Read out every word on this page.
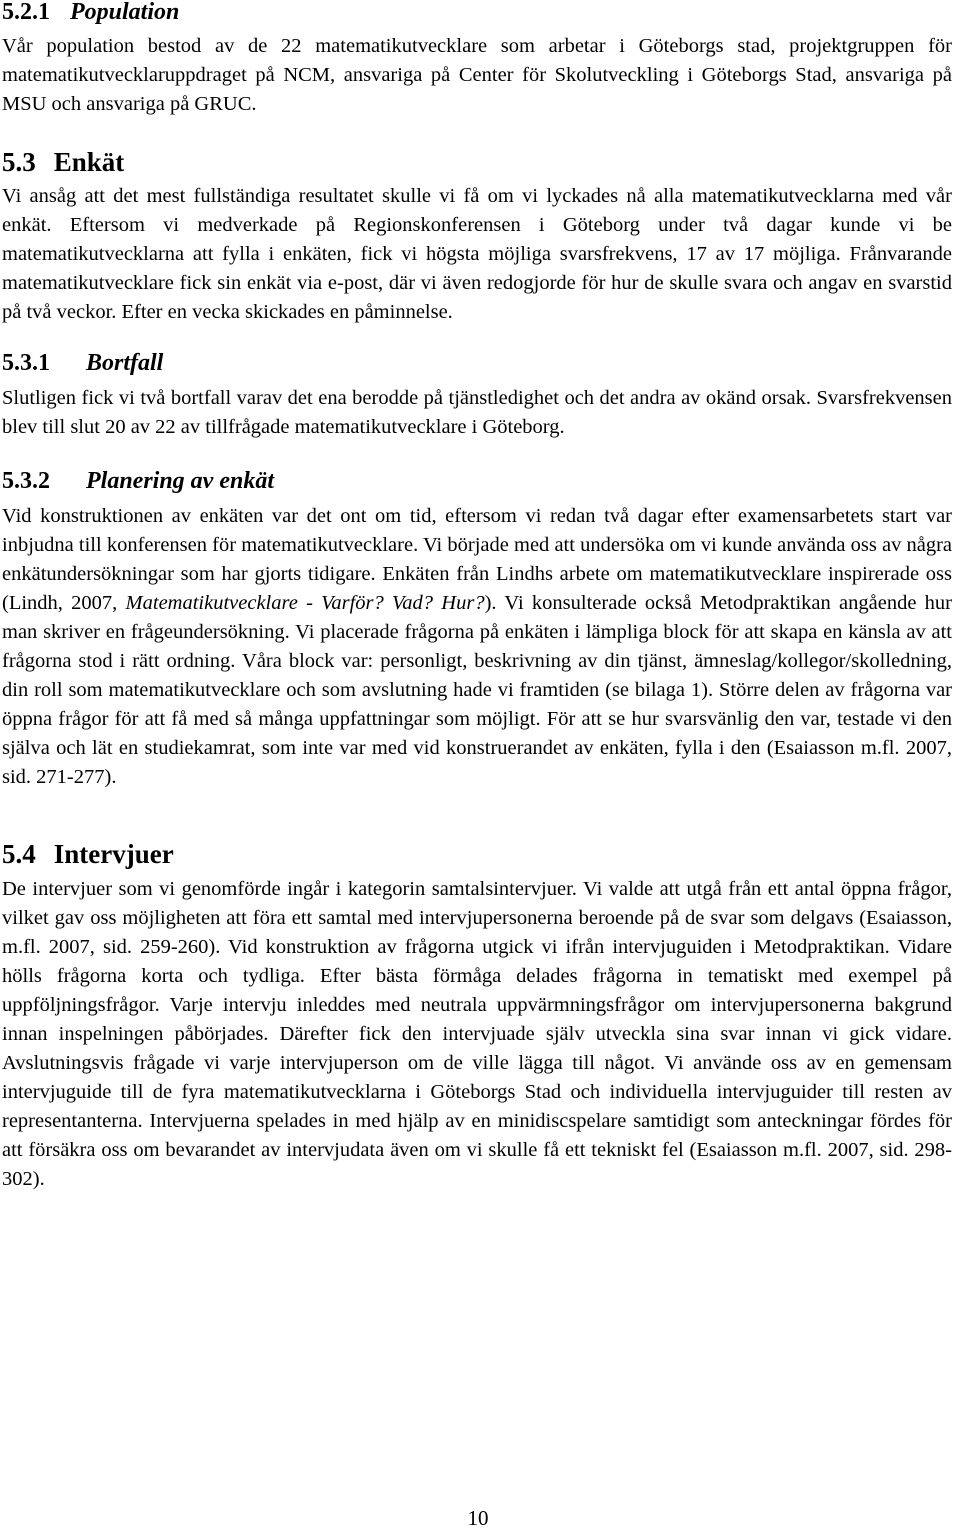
5.2.1 Population

Vår population bestod av de 22 matematikutvecklare som arbetar i Göteborgs stad, projektgruppen för matematikutvecklaruppdraget på NCM, ansvariga på Center för Skolutveckling i Göteborgs Stad, ansvariga på MSU och ansvariga på GRUC.

5.3 Enkät

Vi ansåg att det mest fullständiga resultatet skulle vi få om vi lyckades nå alla matematikutvecklarna med vår enkät. Eftersom vi medverkade på Regionskonferensen i Göteborg under två dagar kunde vi be matematikutvecklarna att fylla i enkäten, fick vi högsta möjliga svarsfrekvens, 17 av 17 möjliga. Frånvarande matematikutvecklare fick sin enkät via e-post, där vi även redogjorde för hur de skulle svara och angav en svarstid på två veckor. Efter en vecka skickades en påminnelse.

5.3.1 Bortfall

Slutligen fick vi två bortfall varav det ena berodde på tjänstledighet och det andra av okänd orsak. Svarsfrekvensen blev till slut 20 av 22 av tillfrågade matematikutvecklare i Göteborg.

5.3.2 Planering av enkät

Vid konstruktionen av enkäten var det ont om tid, eftersom vi redan två dagar efter examensarbetets start var inbjudna till konferensen för matematikutvecklare. Vi började med att undersöka om vi kunde använda oss av några enkätundersökningar som har gjorts tidigare. Enkäten från Lindhs arbete om matematikutvecklare inspirerade oss (Lindh, 2007, Matematikutvecklare - Varför? Vad? Hur?). Vi konsulterade också Metodpraktikan angående hur man skriver en frågeundersökning. Vi placerade frågorna på enkäten i lämpliga block för att skapa en känsla av att frågorna stod i rätt ordning. Våra block var: personligt, beskrivning av din tjänst, ämneslag/kollegor/skolledning, din roll som matematikutvecklare och som avslutning hade vi framtiden (se bilaga 1). Större delen av frågorna var öppna frågor för att få med så många uppfattningar som möjligt. För att se hur svarsvänlig den var, testade vi den själva och lät en studiekamrat, som inte var med vid konstruerandet av enkäten, fylla i den (Esaiasson m.fl. 2007, sid. 271-277).

5.4 Intervjuer

De intervjuer som vi genomförde ingår i kategorin samtalsintervjuer. Vi valde att utgå från ett antal öppna frågor, vilket gav oss möjligheten att föra ett samtal med intervjupersonerna beroende på de svar som delgavs (Esaiasson, m.fl. 2007, sid. 259-260). Vid konstruktion av frågorna utgick vi ifrån intervjuguiden i Metodpraktikan. Vidare hölls frågorna korta och tydliga. Efter bästa förmåga delades frågorna in tematiskt med exempel på uppföljningsfrågor. Varje intervju inleddes med neutrala uppvärmningsfrågor om intervjupersonerna bakgrund innan inspelningen påbörjades. Därefter fick den intervjuade själv utveckla sina svar innan vi gick vidare. Avslutningsvis frågade vi varje intervjuperson om de ville lägga till något. Vi använde oss av en gemensam intervjuguide till de fyra matematikutvecklarna i Göteborgs Stad och individuella intervjuguider till resten av representanterna. Intervjuerna spelades in med hjälp av en minidiscspelare samtidigt som anteckningar fördes för att försäkra oss om bevarandet av intervjudata även om vi skulle få ett tekniskt fel (Esaiasson m.fl. 2007, sid. 298-302).

10
